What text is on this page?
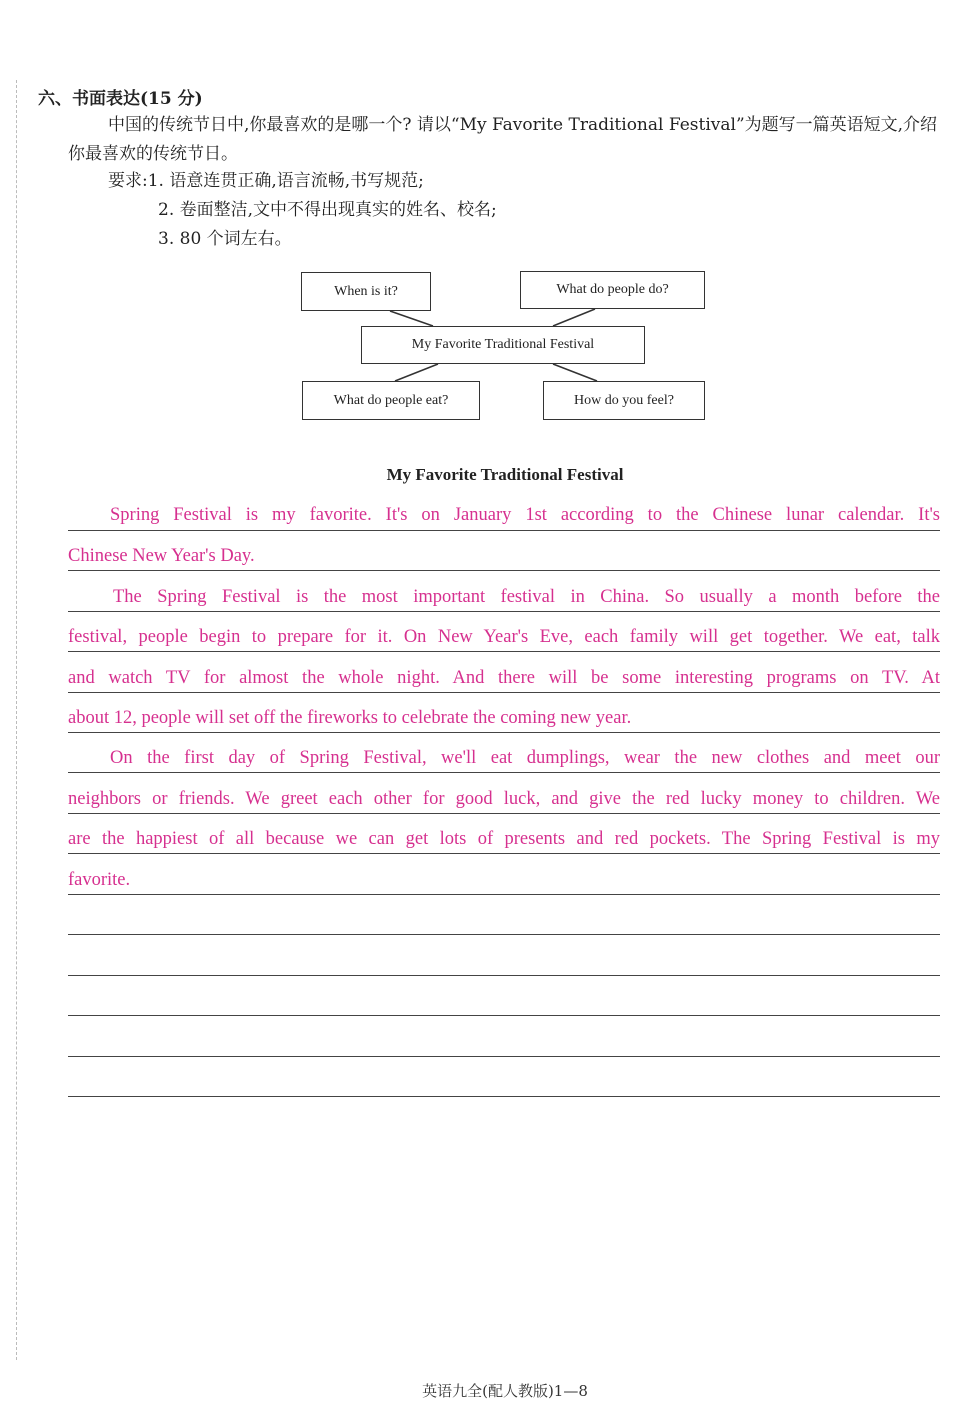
六、书面表达(15 分)
中国的传统节日中,你最喜欢的是哪一个? 请以“My Favorite Traditional Festival”为题写一篇英语短文,介绍你最喜欢的传统节日。
要求:1. 语意连贯正确,语言流畅,书写规范;
2. 卷面整洁,文中不得出现真实的姓名、校名;
3. 80 个词左右。
When is it?	What do people do?
My Favorite Traditional Festival
What do people eat?	How do you feel?
My Favorite Traditional Festival
Spring Festival is my favorite. It's on January 1st according to the Chinese lunar calendar. It's
Chinese New Year's Day.
The Spring Festival is the most important festival in China. So usually a month before the
festival, people begin to prepare for it. On New Year's Eve, each family will get together. We eat, talk
and watch TV for almost the whole night. And there will be some interesting programs on TV. At
about 12, people will set off the fireworks to celebrate the coming new year.
On the first day of Spring Festival, we'll eat dumplings, wear the new clothes and meet our
neighbors or friends. We greet each other for good luck, and give the red lucky money to children. We
are the happiest of all because we can get lots of presents and red pockets. The Spring Festival is my
favorite.
英语九全(配人教版)1—8
